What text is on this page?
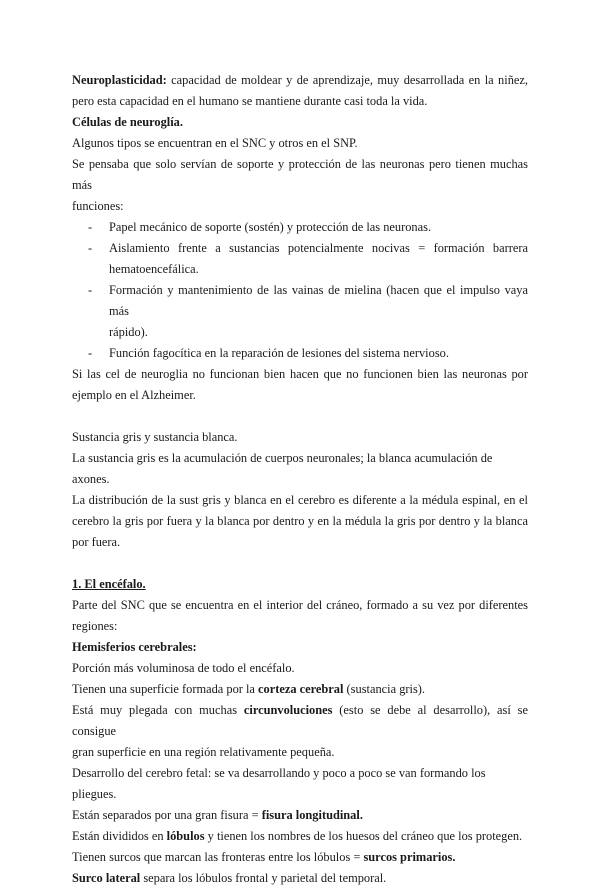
Neuroplasticidad: capacidad de moldear y de aprendizaje, muy desarrollada en la niñez,
pero esta capacidad en el humano se mantiene durante casi toda la vida.
Células de neuroglía.
Algunos tipos se encuentran en el SNC y otros en el SNP.
Se pensaba que solo servían de soporte y protección de las neuronas pero tienen muchas más
funciones:
- Papel mecánico de soporte (sostén) y protección de las neuronas.
- Aislamiento frente a sustancias potencialmente nocivas = formación barrera
hematoencefálica.
- Formación y mantenimiento de las vainas de mielina (hacen que el impulso vaya más
rápido).
- Función fagocítica en la reparación de lesiones del sistema nervioso.
Si las cel de neuroglia no funcionan bien hacen que no funcionen bien las neuronas por
ejemplo en el Alzheimer.
Sustancia gris y sustancia blanca.
La sustancia gris es la acumulación de cuerpos neuronales; la blanca acumulación de axones.
La distribución de la sust gris y blanca en el cerebro es diferente a la médula espinal, en el
cerebro la gris por fuera y la blanca por dentro y en la médula la gris por dentro y la blanca
por fuera.
1. El encéfalo.
Parte del SNC que se encuentra en el interior del cráneo, formado a su vez por diferentes
regiones:
Hemisferios cerebrales:
Porción más voluminosa de todo el encéfalo.
Tienen una superficie formada por la corteza cerebral (sustancia gris).
Está muy plegada con muchas circunvoluciones (esto se debe al desarrollo), así se consigue
gran superficie en una región relativamente pequeña.
Desarrollo del cerebro fetal: se va desarrollando y poco a poco se van formando los pliegues.
Están separados por una gran fisura = fisura longitudinal.
Están divididos en lóbulos y tienen los nombres de los huesos del cráneo que los protegen.
Tienen surcos que marcan las fronteras entre los lóbulos = surcos primarios.
Surco lateral separa los lóbulos frontal y parietal del temporal.
